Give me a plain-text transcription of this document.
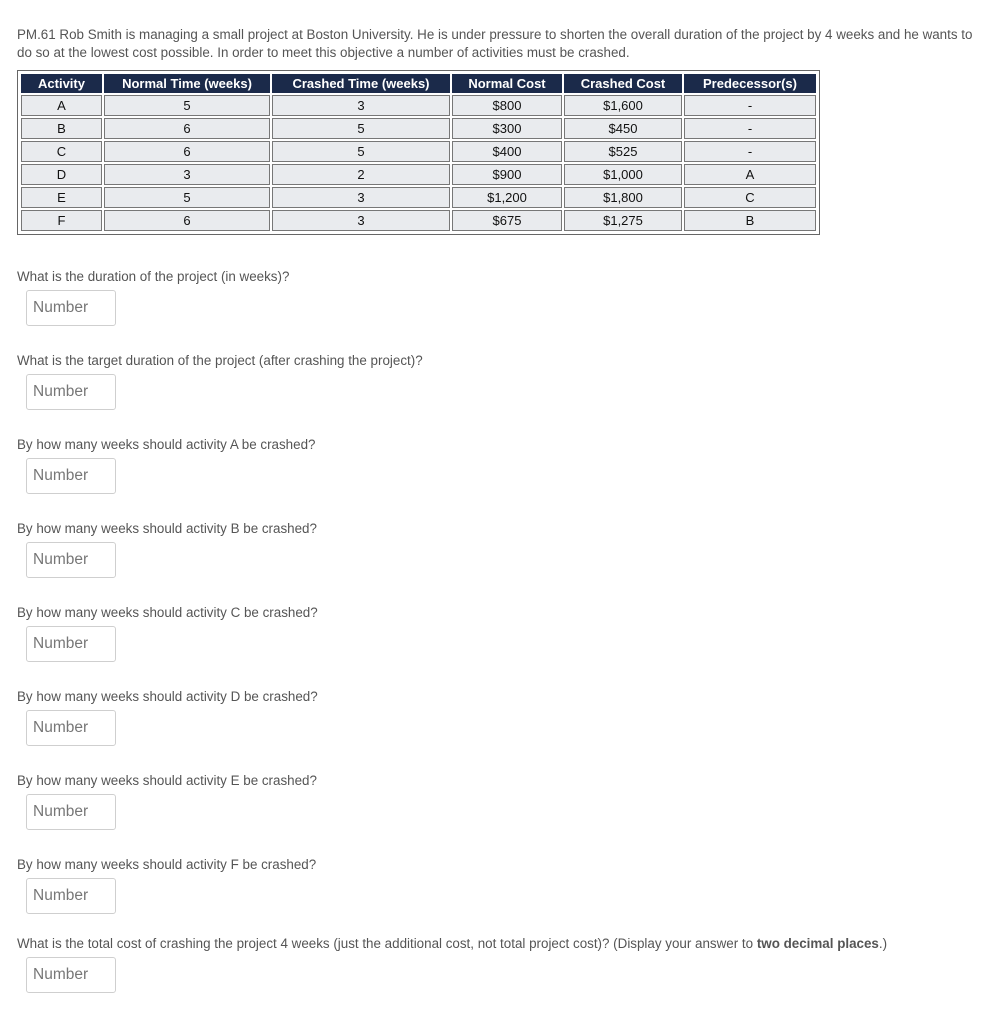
PM.61 Rob Smith is managing a small project at Boston University. He is under pressure to shorten the overall duration of the project by 4 weeks and he wants to do so at the lowest cost possible. In order to meet this objective a number of activities must be crashed.
Activity	Normal Time (weeks)	Crashed Time (weeks)	Normal Cost	Crashed Cost	Predecessor(s)
A	5	3	$800	$1,600	-
B	6	5	$300	$450	-
C	6	5	$400	$525	-
D	3	2	$900	$1,000	A
E	5	3	$1,200	$1,800	C
F	6	3	$675	$1,275	B
What is the duration of the project (in weeks)?
Number
What is the target duration of the project (after crashing the project)?
Number
By how many weeks should activity A be crashed?
Number
By how many weeks should activity B be crashed?
Number
By how many weeks should activity C be crashed?
Number
By how many weeks should activity D be crashed?
Number
By how many weeks should activity E be crashed?
Number
By how many weeks should activity F be crashed?
Number
What is the total cost of crashing the project 4 weeks (just the additional cost, not total project cost)? (Display your answer to two decimal places.)
Number
